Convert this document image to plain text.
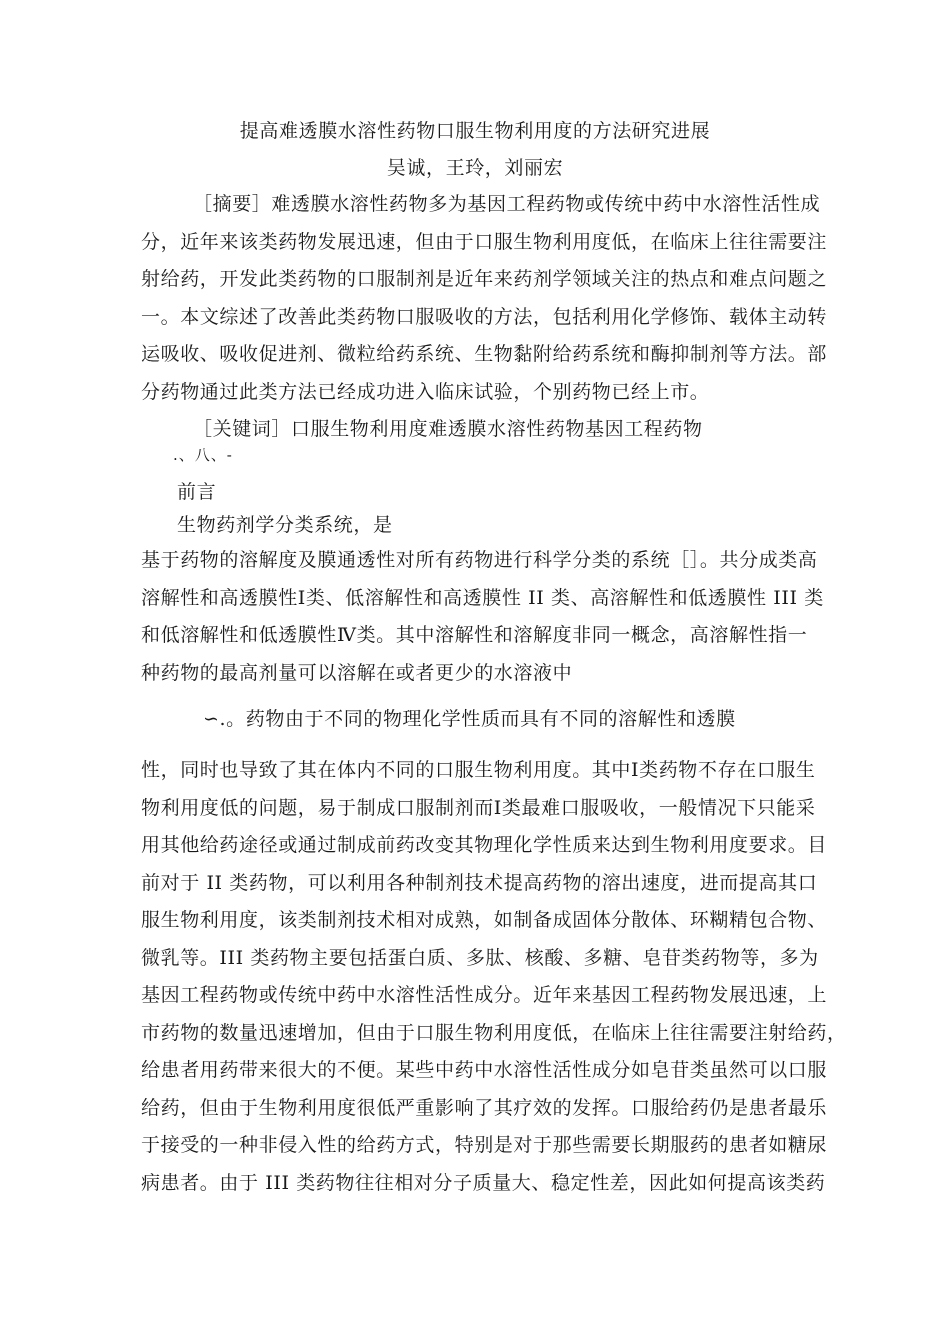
提高难透膜水溶性药物口服生物利用度的方法研究进展
吴诚，王玲，刘丽宏
［摘要］难透膜水溶性药物多为基因工程药物或传统中药中水溶性活性成
分，近年来该类药物发展迅速，但由于口服生物利用度低，在临床上往往需要注
射给药，开发此类药物的口服制剂是近年来药剂学领域关注的热点和难点问题之
一。本文综述了改善此类药物口服吸收的方法，包括利用化学修饰、载体主动转
运吸收、吸收促进剂、微粒给药系统、生物黏附给药系统和酶抑制剂等方法。部
分药物通过此类方法已经成功进入临床试验，个别药物已经上市。
［关键词］口服生物利用度难透膜水溶性药物基因工程药物
.、八、-
前言
生物药剂学分类系统，是
基于药物的溶解度及膜通透性对所有药物进行科学分类的系统［］。共分成类高
溶解性和高透膜性Ⅰ类、低溶解性和高透膜性 II 类、高溶解性和低透膜性 III 类
和低溶解性和低透膜性Ⅳ类。其中溶解性和溶解度非同一概念，高溶解性指一
种药物的最高剂量可以溶解在或者更少的水溶液中
∽.。药物由于不同的物理化学性质而具有不同的溶解性和透膜
性，同时也导致了其在体内不同的口服生物利用度。其中Ⅰ类药物不存在口服生
物利用度低的问题，易于制成口服制剂而Ⅰ类最难口服吸收，一般情况下只能采
用其他给药途径或通过制成前药改变其物理化学性质来达到生物利用度要求。目
前对于 II 类药物，可以利用各种制剂技术提高药物的溶出速度，进而提高其口
服生物利用度，该类制剂技术相对成熟，如制备成固体分散体、环糊精包合物、
微乳等。III 类药物主要包括蛋白质、多肽、核酸、多糖、皂苷类药物等，多为
基因工程药物或传统中药中水溶性活性成分。近年来基因工程药物发展迅速，上
市药物的数量迅速增加，但由于口服生物利用度低，在临床上往往需要注射给药，
给患者用药带来很大的不便。某些中药中水溶性活性成分如皂苷类虽然可以口服
给药，但由于生物利用度很低严重影响了其疗效的发挥。口服给药仍是患者最乐
于接受的一种非侵入性的给药方式，特别是对于那些需要长期服药的患者如糖尿
病患者。由于 III 类药物往往相对分子质量大、稳定性差，因此如何提高该类药
